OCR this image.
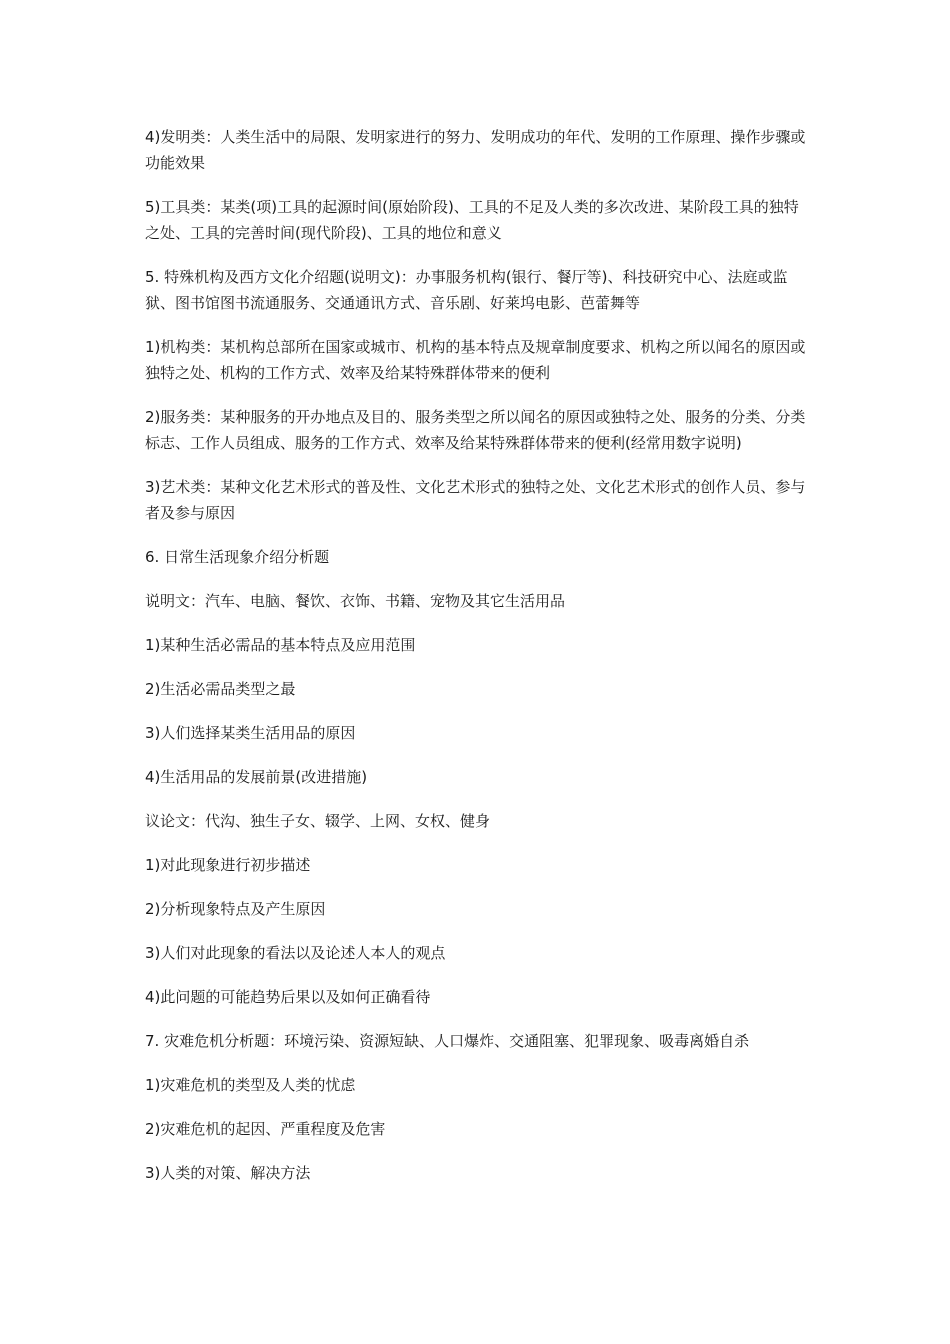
4)发明类：人类生活中的局限、发明家进行的努力、发明成功的年代、发明的工作原理、操作步骤或功能效果

5)工具类：某类(项)工具的起源时间(原始阶段)、工具的不足及人类的多次改进、某阶段工具的独特之处、工具的完善时间(现代阶段)、工具的地位和意义

5. 特殊机构及西方文化介绍题(说明文)：办事服务机构(银行、餐厅等)、科技研究中心、法庭或监狱、图书馆图书流通服务、交通通讯方式、音乐剧、好莱坞电影、芭蕾舞等

1)机构类：某机构总部所在国家或城市、机构的基本特点及规章制度要求、机构之所以闻名的原因或独特之处、机构的工作方式、效率及给某特殊群体带来的便利

2)服务类：某种服务的开办地点及目的、服务类型之所以闻名的原因或独特之处、服务的分类、分类标志、工作人员组成、服务的工作方式、效率及给某特殊群体带来的便利(经常用数字说明)

3)艺术类：某种文化艺术形式的普及性、文化艺术形式的独特之处、文化艺术形式的创作人员、参与者及参与原因

6. 日常生活现象介绍分析题

说明文：汽车、电脑、餐饮、衣饰、书籍、宠物及其它生活用品

1)某种生活必需品的基本特点及应用范围

2)生活必需品类型之最

3)人们选择某类生活用品的原因

4)生活用品的发展前景(改进措施)

议论文：代沟、独生子女、辍学、上网、女权、健身

1)对此现象进行初步描述

2)分析现象特点及产生原因

3)人们对此现象的看法以及论述人本人的观点

4)此问题的可能趋势后果以及如何正确看待

7. 灾难危机分析题：环境污染、资源短缺、人口爆炸、交通阻塞、犯罪现象、吸毒离婚自杀

1)灾难危机的类型及人类的忧虑

2)灾难危机的起因、严重程度及危害

3)人类的对策、解决方法
